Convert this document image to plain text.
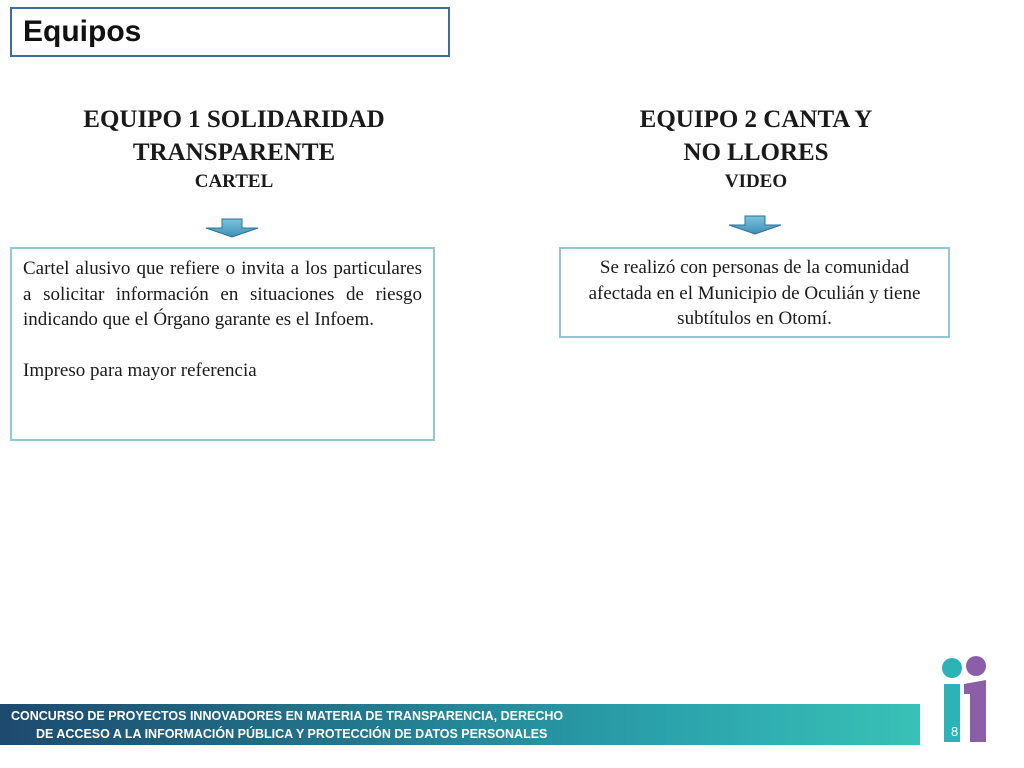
Equipos
EQUIPO 1 SOLIDARIDAD
TRANSPARENTE
CARTEL

Cartel alusivo que refiere o invita a los particulares a solicitar información en situaciones de riesgo indicando que el Órgano garante es el Infoem.

Impreso para mayor referencia

EQUIPO 2 CANTA Y
NO LLORES
VIDEO
Se realizó con personas de la comunidad afectada en el Municipio de Oculián y tiene subtítulos en Otomí.
CONCURSO DE PROYECTOS INNOVADORES EN MATERIA DE TRANSPARENCIA, DERECHO
DE ACCESO A LA INFORMACIÓN PÚBLICA Y PROTECCIÓN DE DATOS PERSONALES	8
